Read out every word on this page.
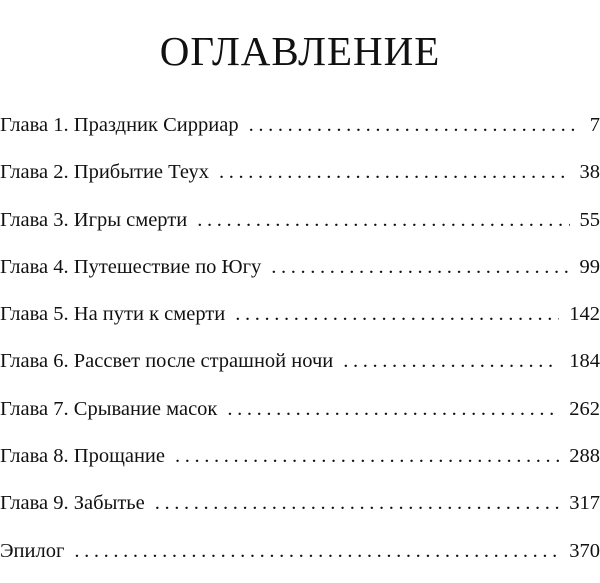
ОГЛАВЛЕНИЕ
Глава 1. Праздник Сирриар . . .	7
Глава 2. Прибытие Теух . . .	38
Глава 3. Игры смерти . . .	55
Глава 4. Путешествие по Югу . . .	99
Глава 5. На пути к смерти . . .	142
Глава 6. Рассвет после страшной ночи . . .	184
Глава 7. Срывание масок . . .	262
Глава 8. Прощание . . .	288
Глава 9. Забытье . . .	317
Эпилог . . .	370
